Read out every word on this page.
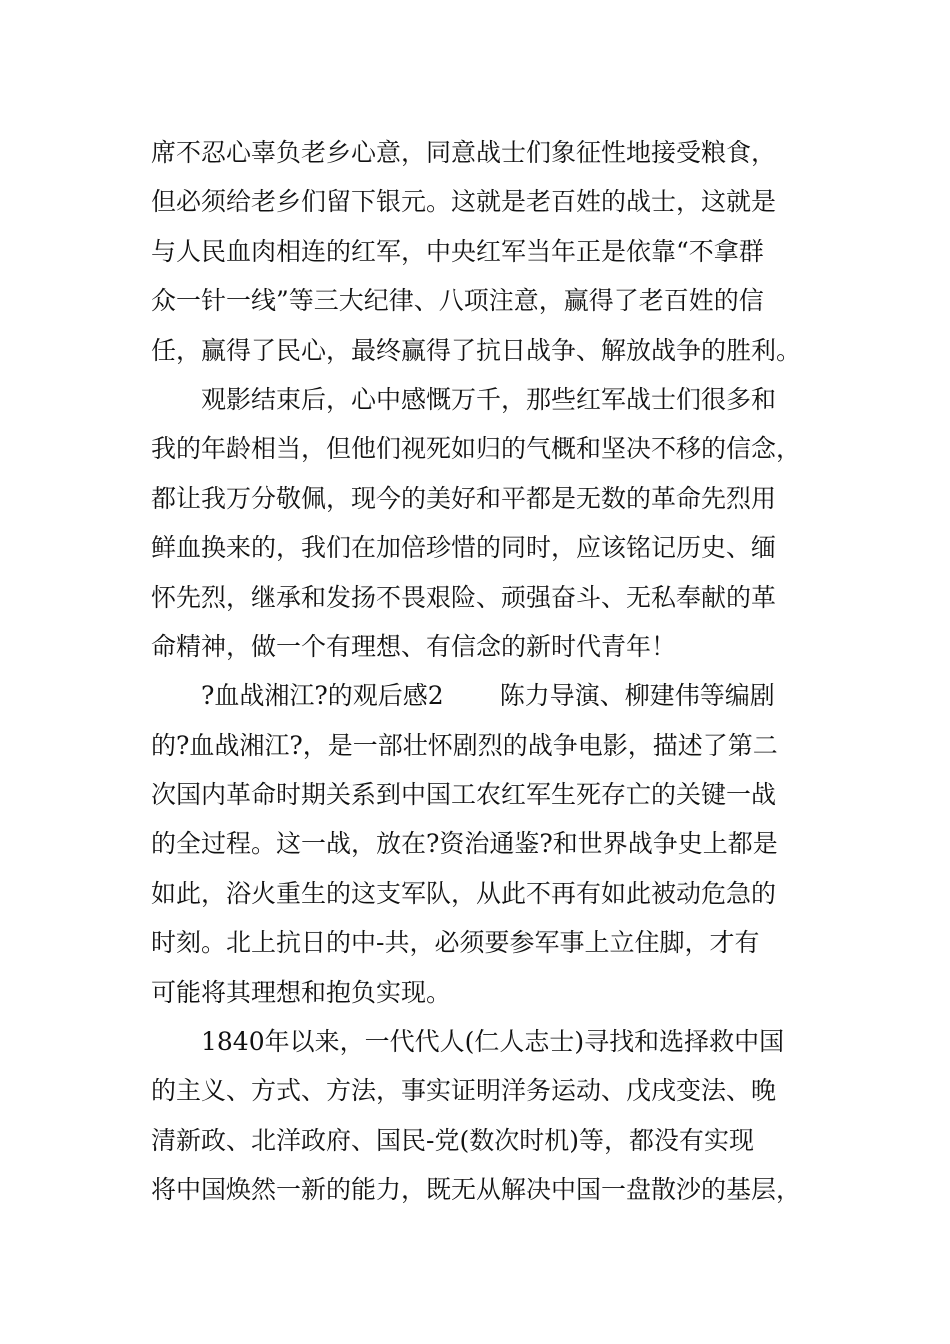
席不忍心辜负老乡心意，同意战士们象征性地接受粮食，
但必须给老乡们留下银元。这就是老百姓的战士，这就是
与人民血肉相连的红军，中央红军当年正是依靠“不拿群
众一针一线”等三大纪律、八项注意，赢得了老百姓的信
任，赢得了民心，最终赢得了抗日战争、解放战争的胜利。
观影结束后，心中感慨万千，那些红军战士们很多和
我的年龄相当，但他们视死如归的气概和坚决不移的信念，
都让我万分敬佩，现今的美好和平都是无数的革命先烈用
鲜血换来的，我们在加倍珍惜的同时，应该铭记历史、缅
怀先烈，继承和发扬不畏艰险、顽强奋斗、无私奉献的革
命精神，做一个有理想、有信念的新时代青年！
?血战湘江?的观后感2 陈力导演、柳建伟等编剧
的?血战湘江?，是一部壮怀剧烈的战争电影，描述了第二
次国内革命时期关系到中国工农红军生死存亡的关键一战
的全过程。这一战，放在?资治通鉴?和世界战争史上都是
如此，浴火重生的这支军队，从此不再有如此被动危急的
时刻。北上抗日的中-共，必须要参军事上立住脚，才有
可能将其理想和抱负实现。
1840年以来，一代代人(仁人志士)寻找和选择救中国
的主义、方式、方法，事实证明洋务运动、戊戌变法、晚
清新政、北洋政府、国民-党(数次时机)等，都没有实现
将中国焕然一新的能力，既无从解决中国一盘散沙的基层，
